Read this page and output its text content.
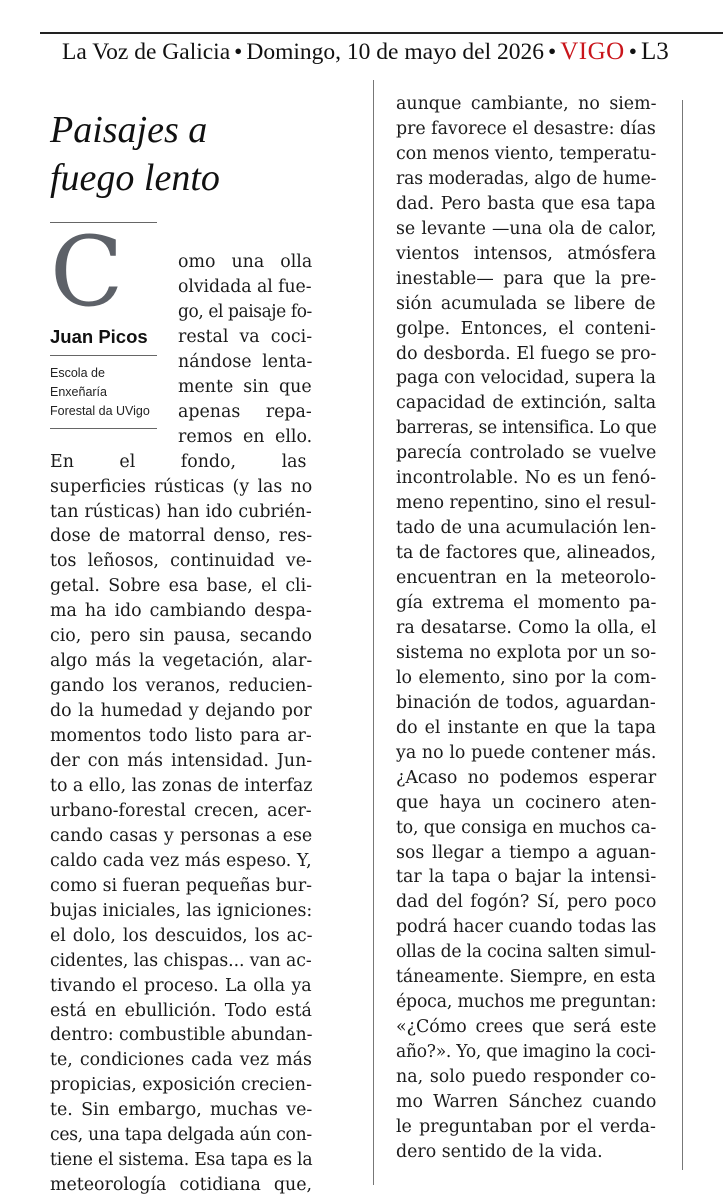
La Voz de Galicia • Domingo, 10 de mayo del 2026 • VIGO • L3
Paisajes a
fuego lento
C
Juan Picos
Escola de
Enxeñaría
Forestal da UVigo
omo una olla
olvidada al fue-
go, el paisaje fo-
restal va coci-
nándose lenta-
mente sin que
apenas repa-
remos en ello.
En el fondo, las
superficies rústicas (y las no
tan rústicas) han ido cubrién-
dose de matorral denso, res-
tos leñosos, continuidad ve-
getal. Sobre esa base, el cli-
ma ha ido cambiando despa-
cio, pero sin pausa, secando
algo más la vegetación, alar-
gando los veranos, reducien-
do la humedad y dejando por
momentos todo listo para ar-
der con más intensidad. Jun-
to a ello, las zonas de interfaz
urbano-forestal crecen, acer-
cando casas y personas a ese
caldo cada vez más espeso. Y,
como si fueran pequeñas bur-
bujas iniciales, las igniciones:
el dolo, los descuidos, los ac-
cidentes, las chispas... van ac-
tivando el proceso. La olla ya
está en ebullición. Todo está
dentro: combustible abundan-
te, condiciones cada vez más
propicias, exposición crecien-
te. Sin embargo, muchas ve-
ces, una tapa delgada aún con-
tiene el sistema. Esa tapa es la
meteorología cotidiana que,
aunque cambiante, no siem-
pre favorece el desastre: días
con menos viento, temperatu-
ras moderadas, algo de hume-
dad. Pero basta que esa tapa
se levante —una ola de calor,
vientos intensos, atmósfera
inestable— para que la pre-
sión acumulada se libere de
golpe. Entonces, el conteni-
do desborda. El fuego se pro-
paga con velocidad, supera la
capacidad de extinción, salta
barreras, se intensifica. Lo que
parecía controlado se vuelve
incontrolable. No es un fenó-
meno repentino, sino el resul-
tado de una acumulación len-
ta de factores que, alineados,
encuentran en la meteorolo-
gía extrema el momento pa-
ra desatarse. Como la olla, el
sistema no explota por un so-
lo elemento, sino por la com-
binación de todos, aguardan-
do el instante en que la tapa
ya no lo puede contener más.
¿Acaso no podemos esperar
que haya un cocinero aten-
to, que consiga en muchos ca-
sos llegar a tiempo a aguan-
tar la tapa o bajar la intensi-
dad del fogón? Sí, pero poco
podrá hacer cuando todas las
ollas de la cocina salten simul-
táneamente. Siempre, en esta
época, muchos me preguntan:
«¿Cómo crees que será este
año?». Yo, que imagino la coci-
na, solo puedo responder co-
mo Warren Sánchez cuando
le preguntaban por el verda-
dero sentido de la vida.
